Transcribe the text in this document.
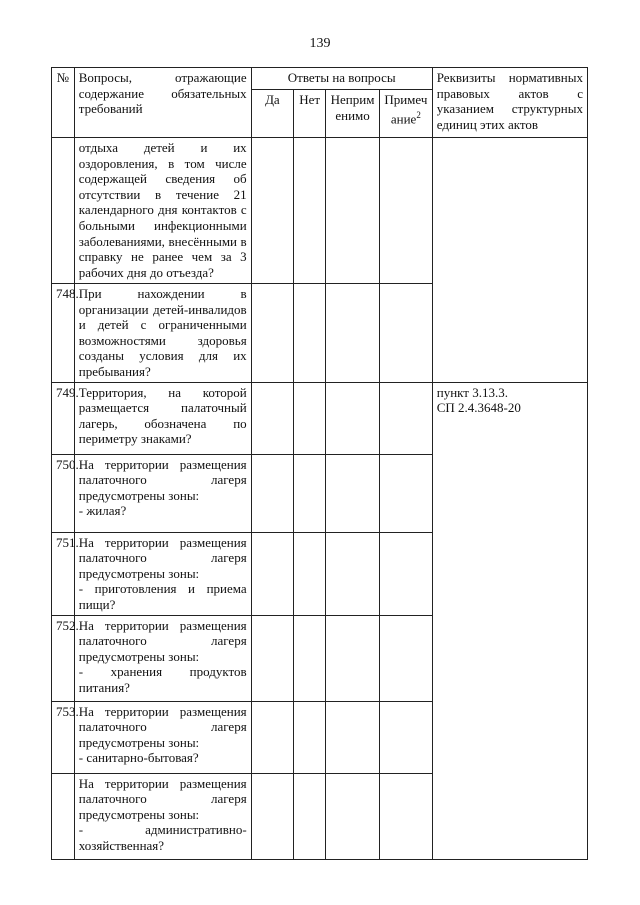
139
№	Вопросы, отражающие содержание обязательных требований	Ответы на вопросы				Реквизиты нормативных правовых актов с указанием структурных единиц этих актов
		Да	Нет	Неприм енимо	Примеч ание$^2$
	отдыха детей и их оздоровления, в том числе содержащей сведения об отсутствии в течение 21 календарного дня контактов с больными инфекционными заболеваниями, внесёнными в справку не ранее чем за 3 рабочих дня до отъезда?					
748.	При нахождении в организации детей-инвалидов и детей с ограниченными возможностями здоровья созданы условия для их пребывания?					
749.	Территория, на которой размещается палаточный лагерь, обозначена по периметру знаками?					пункт 3.13.3.
СП 2.4.3648-20
750.	На территории размещения палаточного лагеря предусмотрены зоны:
- жилая?					
751.	На территории размещения палаточного лагеря предусмотрены зоны:
- приготовления и приема пищи?					
752.	На территории размещения палаточного лагеря предусмотрены зоны:
- хранения продуктов питания?					
753.	На территории размещения палаточного лагеря предусмотрены зоны:
- санитарно-бытовая?					
	На территории размещения палаточного лагеря предусмотрены зоны:
- административно-хозяйственная?					
